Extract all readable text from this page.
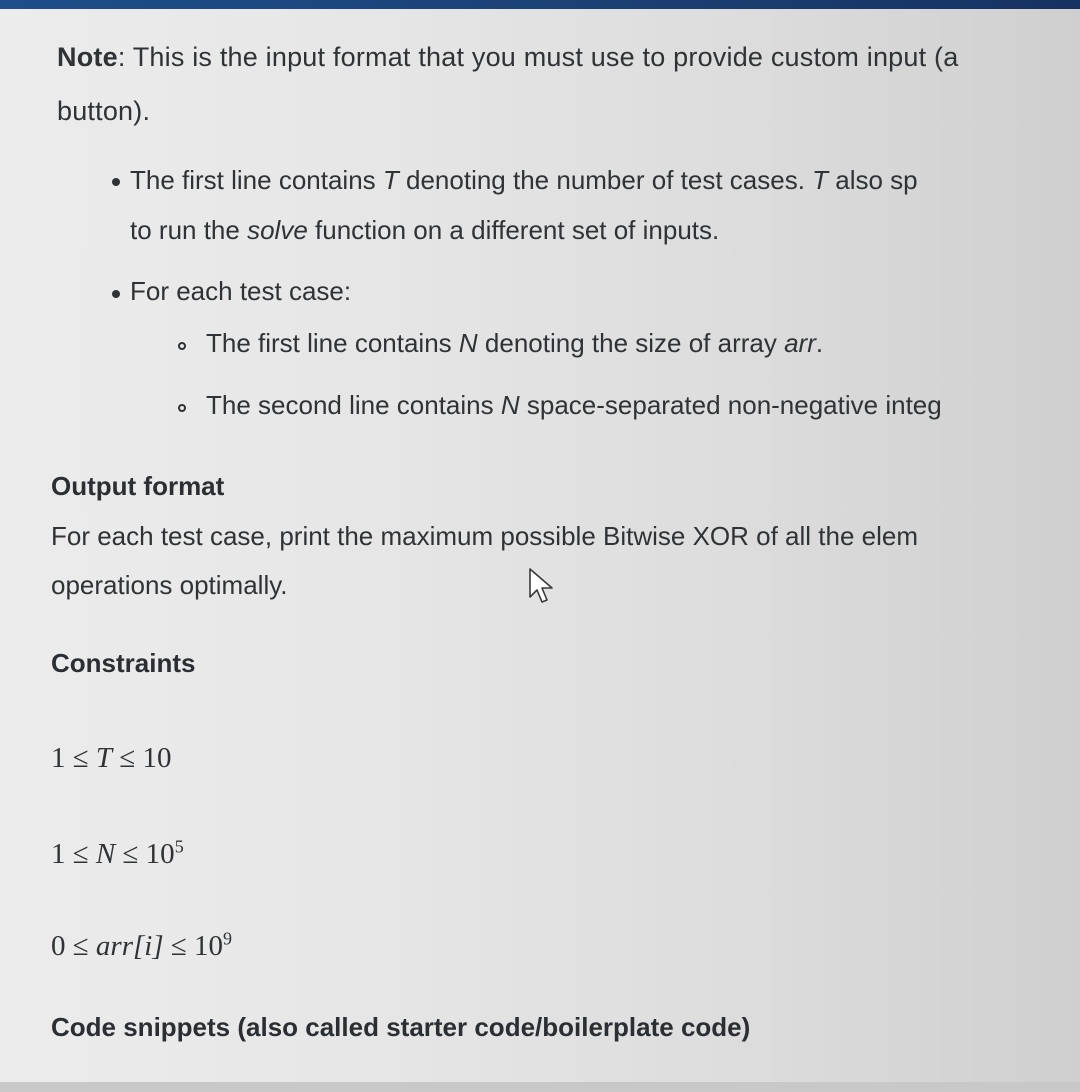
Note: This is the input format that you must use to provide custom input (a
button).
The first line contains T denoting the number of test cases. T also sp
to run the solve function on a different set of inputs.
For each test case:
The first line contains N denoting the size of array arr.
The second line contains N space-separated non-negative integ
Output format
For each test case, print the maximum possible Bitwise XOR of all the elem
operations optimally.
Constraints
1 ≤ T ≤ 10
$1 \le N \le 10^5$
$0 \le arr[i] \le 10^9$
Code snippets (also called starter code/boilerplate code)
